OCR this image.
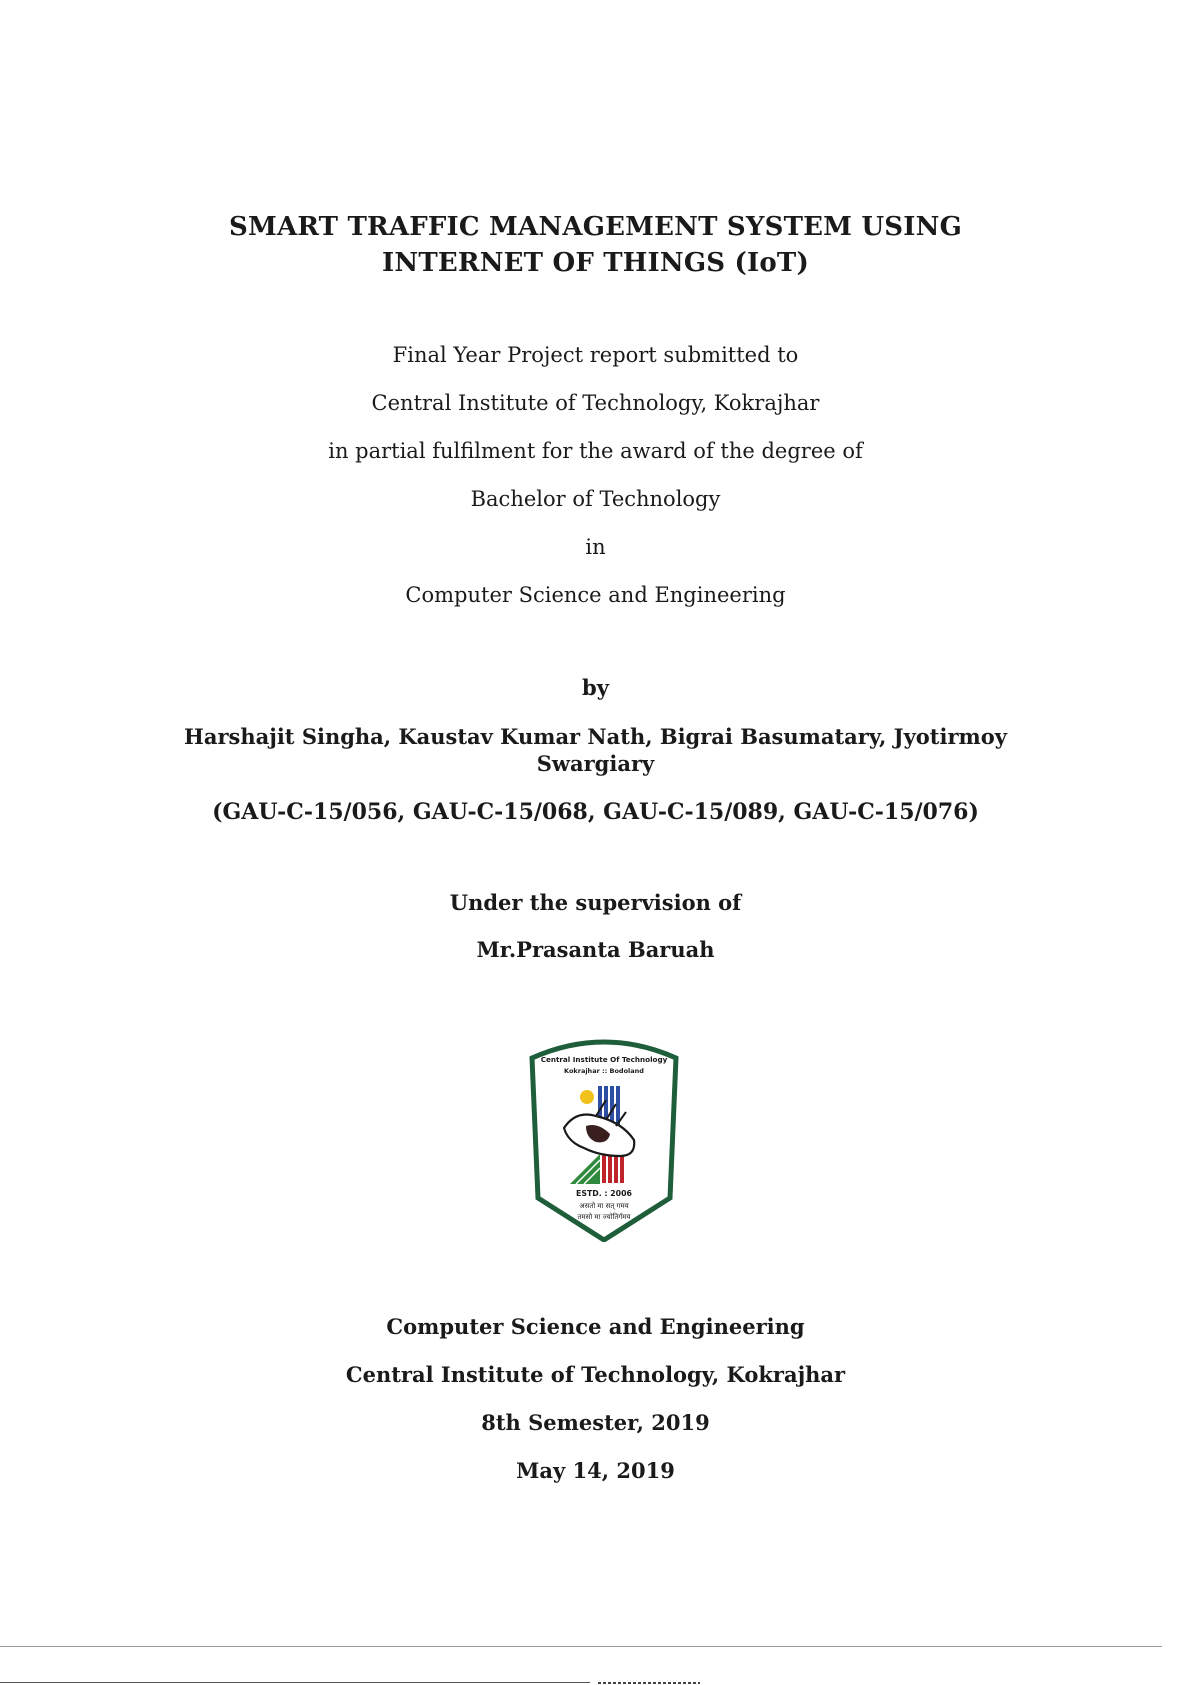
SMART TRAFFIC MANAGEMENT SYSTEM USING
INTERNET OF THINGS (IoT)
Final Year Project report submitted to
Central Institute of Technology, Kokrajhar
in partial fulfilment for the award of the degree of
Bachelor of Technology
in
Computer Science and Engineering
by
Harshajit Singha, Kaustav Kumar Nath, Bigrai Basumatary, Jyotirmoy
Swargiary
(GAU-C-15/056, GAU-C-15/068, GAU-C-15/089, GAU-C-15/076)
Under the supervision of
Mr.Prasanta Baruah
Central Institute Of Technology
Kokrajhar :: Bodoland
ESTD. : 2006
असतो मा सत् गमय
तमसो मा ज्योतिर्गमय
Computer Science and Engineering
Central Institute of Technology, Kokrajhar
8th Semester, 2019
May 14, 2019
